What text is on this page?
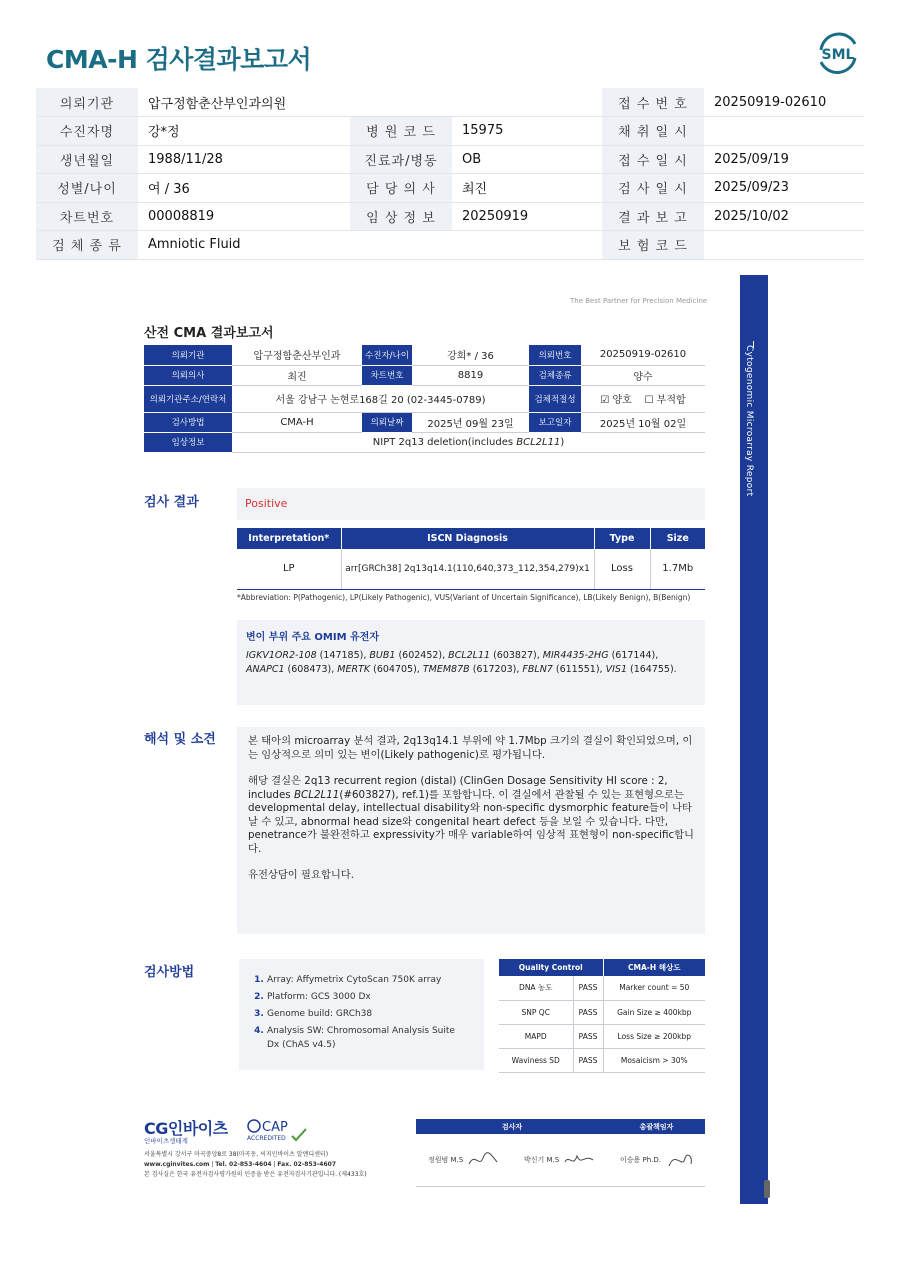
CMA-H 검사결과보고서	SML
의뢰기관	압구정함춘산부인과의원			접 수 번 호	20250919-02610
수진자명	강*정	병 원 코 드	15975	채 취 일 시	
생년월일	1988/11/28	진료과/병동	OB	접 수 일 시	2025/09/19
성별/나이	여 / 36	담 당 의 사	최진	검 사 일 시	2025/09/23
차트번호	00008819	임 상 정 보	20250919	결 과 보 고	2025/10/02
검 체 종 류	Amniotic Fluid			보 험 코 드	
Cytogenomic Microarray Report
The Best Partner for Precision Medicine
산전 CMA 결과보고서
의뢰기관	압구정함춘산부인과	수진자/나이	강희* / 36	의뢰번호	20250919-02610
의뢰의사	최진	차트번호	8819	검체종류	양수
의뢰기관주소/연락처	서울 강남구 논현로168길 20 (02-3445-0789)			검체적절성	☑ 양호 ☐ 부적합
검사방법	CMA-H	의뢰날짜	2025년 09월 23일	보고일자	2025년 10월 02일
임상정보	NIPT 2q13 deletion(includes BCL2L11)				
검사 결과	Positive
Interpretation*	ISCN Diagnosis	Type	Size
LP	arr[GRCh38] 2q13q14.1(110,640,373_112,354,279)x1	Loss	1.7Mb
*Abbreviation: P(Pathogenic), LP(Likely Pathogenic), VUS(Variant of Uncertain Significance), LB(Likely Benign), B(Benign)
변이 부위 주요 OMIM 유전자
IGKV1OR2-108 (147185), BUB1 (602452), BCL2L11 (603827), MIR4435-2HG (617144),
ANAPC1 (608473), MERTK (604705), TMEM87B (617203), FBLN7 (611551), VIS1 (164755).
해석 및 소견	본 태아의 microarray 분석 결과, 2q13q14.1 부위에 약 1.7Mbp 크기의 결실이 확인되었으며, 이는 임상적으로 의미 있는 변이(Likely pathogenic)로 평가됩니다.

해당 결실은 2q13 recurrent region (distal) (ClinGen Dosage Sensitivity HI score : 2, includes BCL2L11(#603827), ref.1)를 포함합니다. 이 결실에서 관찰될 수 있는 표현형으로는 developmental delay, intellectual disability와 non-specific dysmorphic feature들이 나타날 수 있고, abnormal head size와 congenital heart defect 등을 보일 수 있습니다. 다만, penetrance가 불완전하고 expressivity가 매우 variable하여 임상적 표현형이 non-specific합니다.

유전상담이 필요합니다.

검사방법	1. Array: Affymetrix CytoScan 750K array
2. Platform: GCS 3000 Dx
3. Genome build: GRCh38
4. Analysis SW: Chromosomal Analysis Suite Dx (ChAS v4.5)
Quality Control		CMA-H 해상도
DNA 농도	PASS	Marker count = 50
SNP QC	PASS	Gain Size ≥ 400kbp
MAPD	PASS	Loss Size ≥ 200kbp
Waviness SD	PASS	Mosaicism > 30%
CG인바이츠
인바이츠생태계
CAP
ACCREDITED
서울특별시 강서구 마곡중앙8로 38(마곡동, 씨지인바이츠 알앤디센터)
www.cginvites.com | Tel. 02-853-4604 | Fax. 02-853-4607
본 검사실은 한국 유전자검사평가원의 인증을 받은 유전자검사기관입니다. (제433호)
검사자		총괄책임자
정원범 M.S	박신기 M.S	이승용 Ph.D.
